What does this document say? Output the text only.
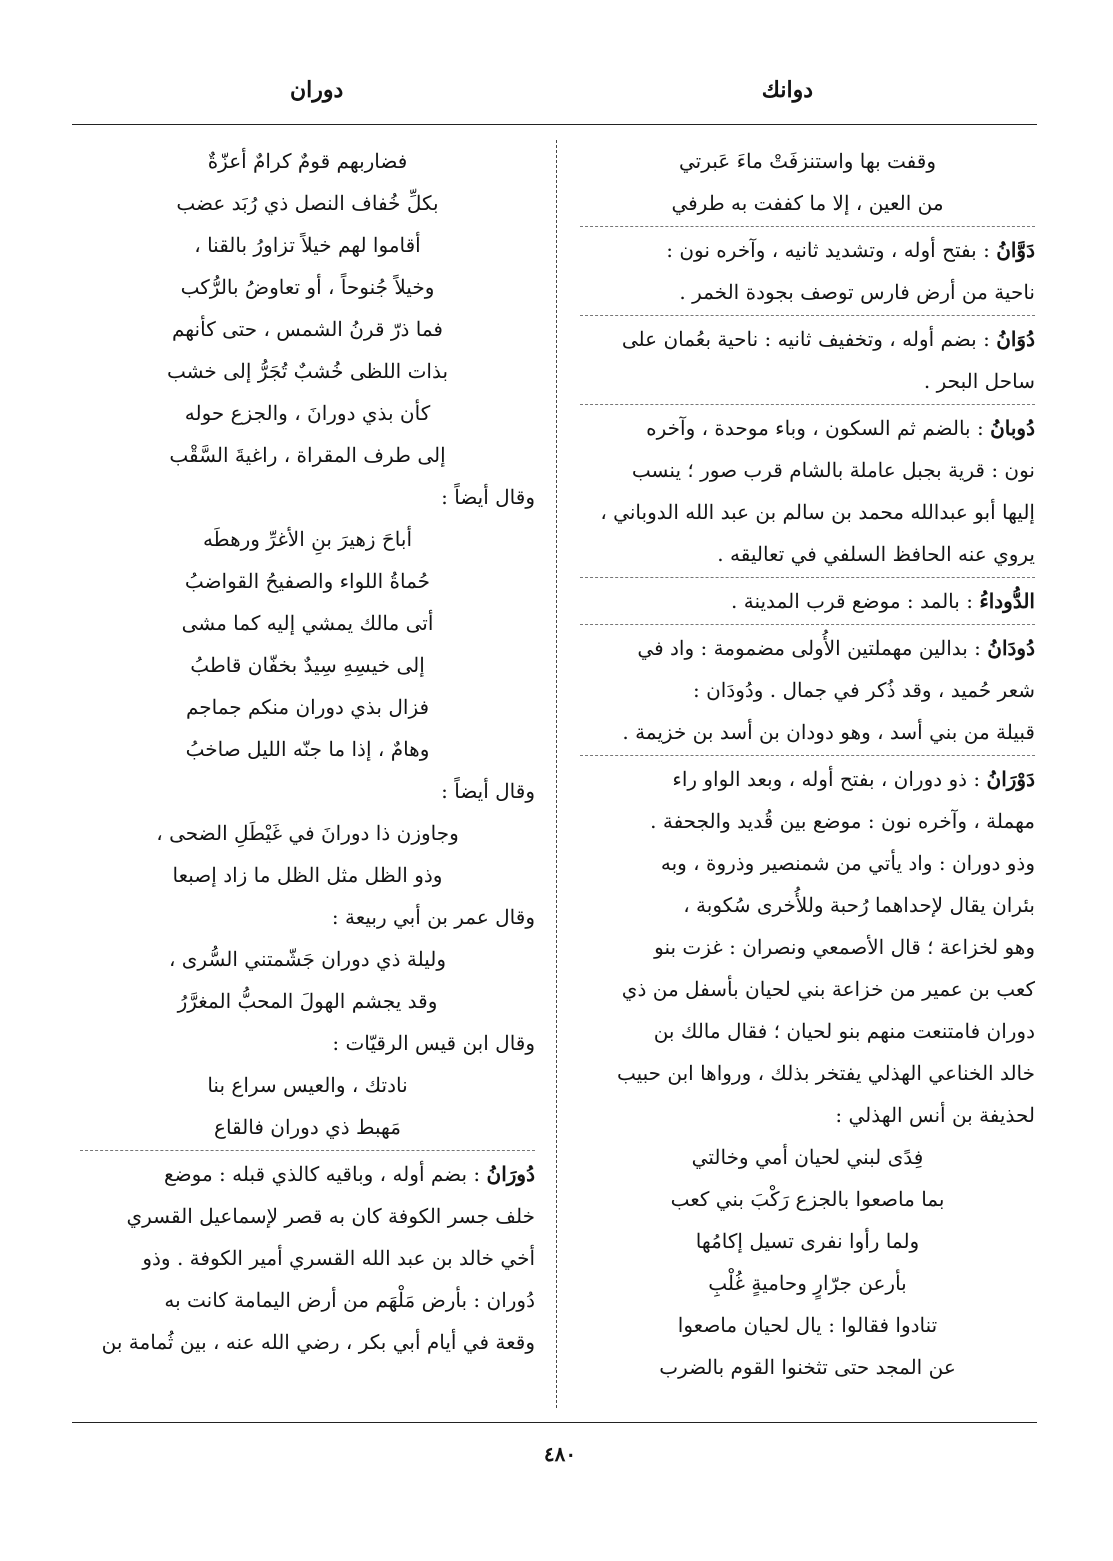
دوانك
دوران
وقفت بها واستنزفَتْ ماءَ عَبرتي
من العين ، إلا ما كففت به طرفي
دَوَّانُ : بفتح أوله ، وتشديد ثانيه ، وآخره نون :
ناحية من أرض فارس توصف بجودة الخمر .
دُوَانُ : بضم أوله ، وتخفيف ثانيه : ناحية بعُمان على
ساحل البحر .
دُوبانُ : بالضم ثم السكون ، وباء موحدة ، وآخره
نون : قرية بجبل عاملة بالشام قرب صور ؛ ينسب
إليها أبو عبدالله محمد بن سالم بن عبد الله الدوباني ،
يروي عنه الحافظ السلفي في تعاليقه .
الدُّوداءُ : بالمد : موضع قرب المدينة .
دُودَانُ : بدالين مهملتين الأُولى مضمومة : واد في
شعر حُميد ، وقد ذُكر في جمال . ودُودَان :
قبيلة من بني أسد ، وهو دودان بن أسد بن خزيمة .
دَوْرَانُ : ذو دوران ، بفتح أوله ، وبعد الواو راء
مهملة ، وآخره نون : موضع بين قُديد والجحفة .
وذو دوران : واد يأتي من شمنصير وذروة ، وبه
بئران يقال لإحداهما رُحبة وللأُخرى سُكوبة ،
وهو لخزاعة ؛ قال الأصمعي ونصران : غزت بنو
كعب بن عمير من خزاعة بني لحيان بأسفل من ذي
دوران فامتنعت منهم بنو لحيان ؛ فقال مالك بن
خالد الخناعي الهذلي يفتخر بذلك ، ورواها ابن حبيب
لحذيفة بن أنس الهذلي :
فِدًى لبني لحيان أمي وخالتي
بما ماصعوا بالجزع رَكْبَ بني كعب
ولما رأوا نفرى تسيل إكامُها
بأرعن جرّارٍ وحاميةٍ غُلْبِ
تنادوا فقالوا : يال لحيان ماصعوا
عن المجد حتى تثخنوا القوم بالضرب
فضاربهم قومٌ كرامٌ أعزّةٌ
بكلِّ خُفاف النصل ذي رُبَد عضب
أقاموا لهم خيلاً تزاورُ بالقنا ،
وخيلاً جُنوحاً ، أو تعاوضُ بالرُّكب
فما ذرّ قرنُ الشمس ، حتى كأنهم
بذات اللظى خُشبٌ تُجَرُّ إلى خشب
كأن بذي دورانَ ، والجزع حوله
إلى طرف المقراة ، راغيةَ السَّقْب
وقال أيضاً :
أباحَ زهيرَ بنِ الأغرِّ ورهطَه
حُماةُ اللواء والصفيحُ القواضبُ
أتى مالك يمشي إليه كما مشى
إلى خيسِهِ سِيدٌ بخفّان قاطبُ
فزال بذي دوران منكم جماجم
وهامٌ ، إذا ما جنّه الليل صاخبُ
وقال أيضاً :
وجاوزن ذا دورانَ في غَيْطَلِ الضحى ،
وذو الظل مثل الظل ما زاد إصبعا
وقال عمر بن أبي ربيعة :
وليلة ذي دوران جَشّمتني السُّرى ،
وقد يجشم الهولَ المحبُّ المغرَّرُ
وقال ابن قيس الرقيّات :
نادتك ، والعيس سراع بنا
مَهبط ذي دوران فالقاع
دُورَانُ : بضم أوله ، وباقيه كالذي قبله : موضع
خلف جسر الكوفة كان به قصر لإسماعيل القسري
أخي خالد بن عبد الله القسري أمير الكوفة . وذو
دُوران : بأرض مَلْهَم من أرض اليمامة كانت به
وقعة في أيام أبي بكر ، رضي الله عنه ، بين ثُمامة بن
٤٨٠
